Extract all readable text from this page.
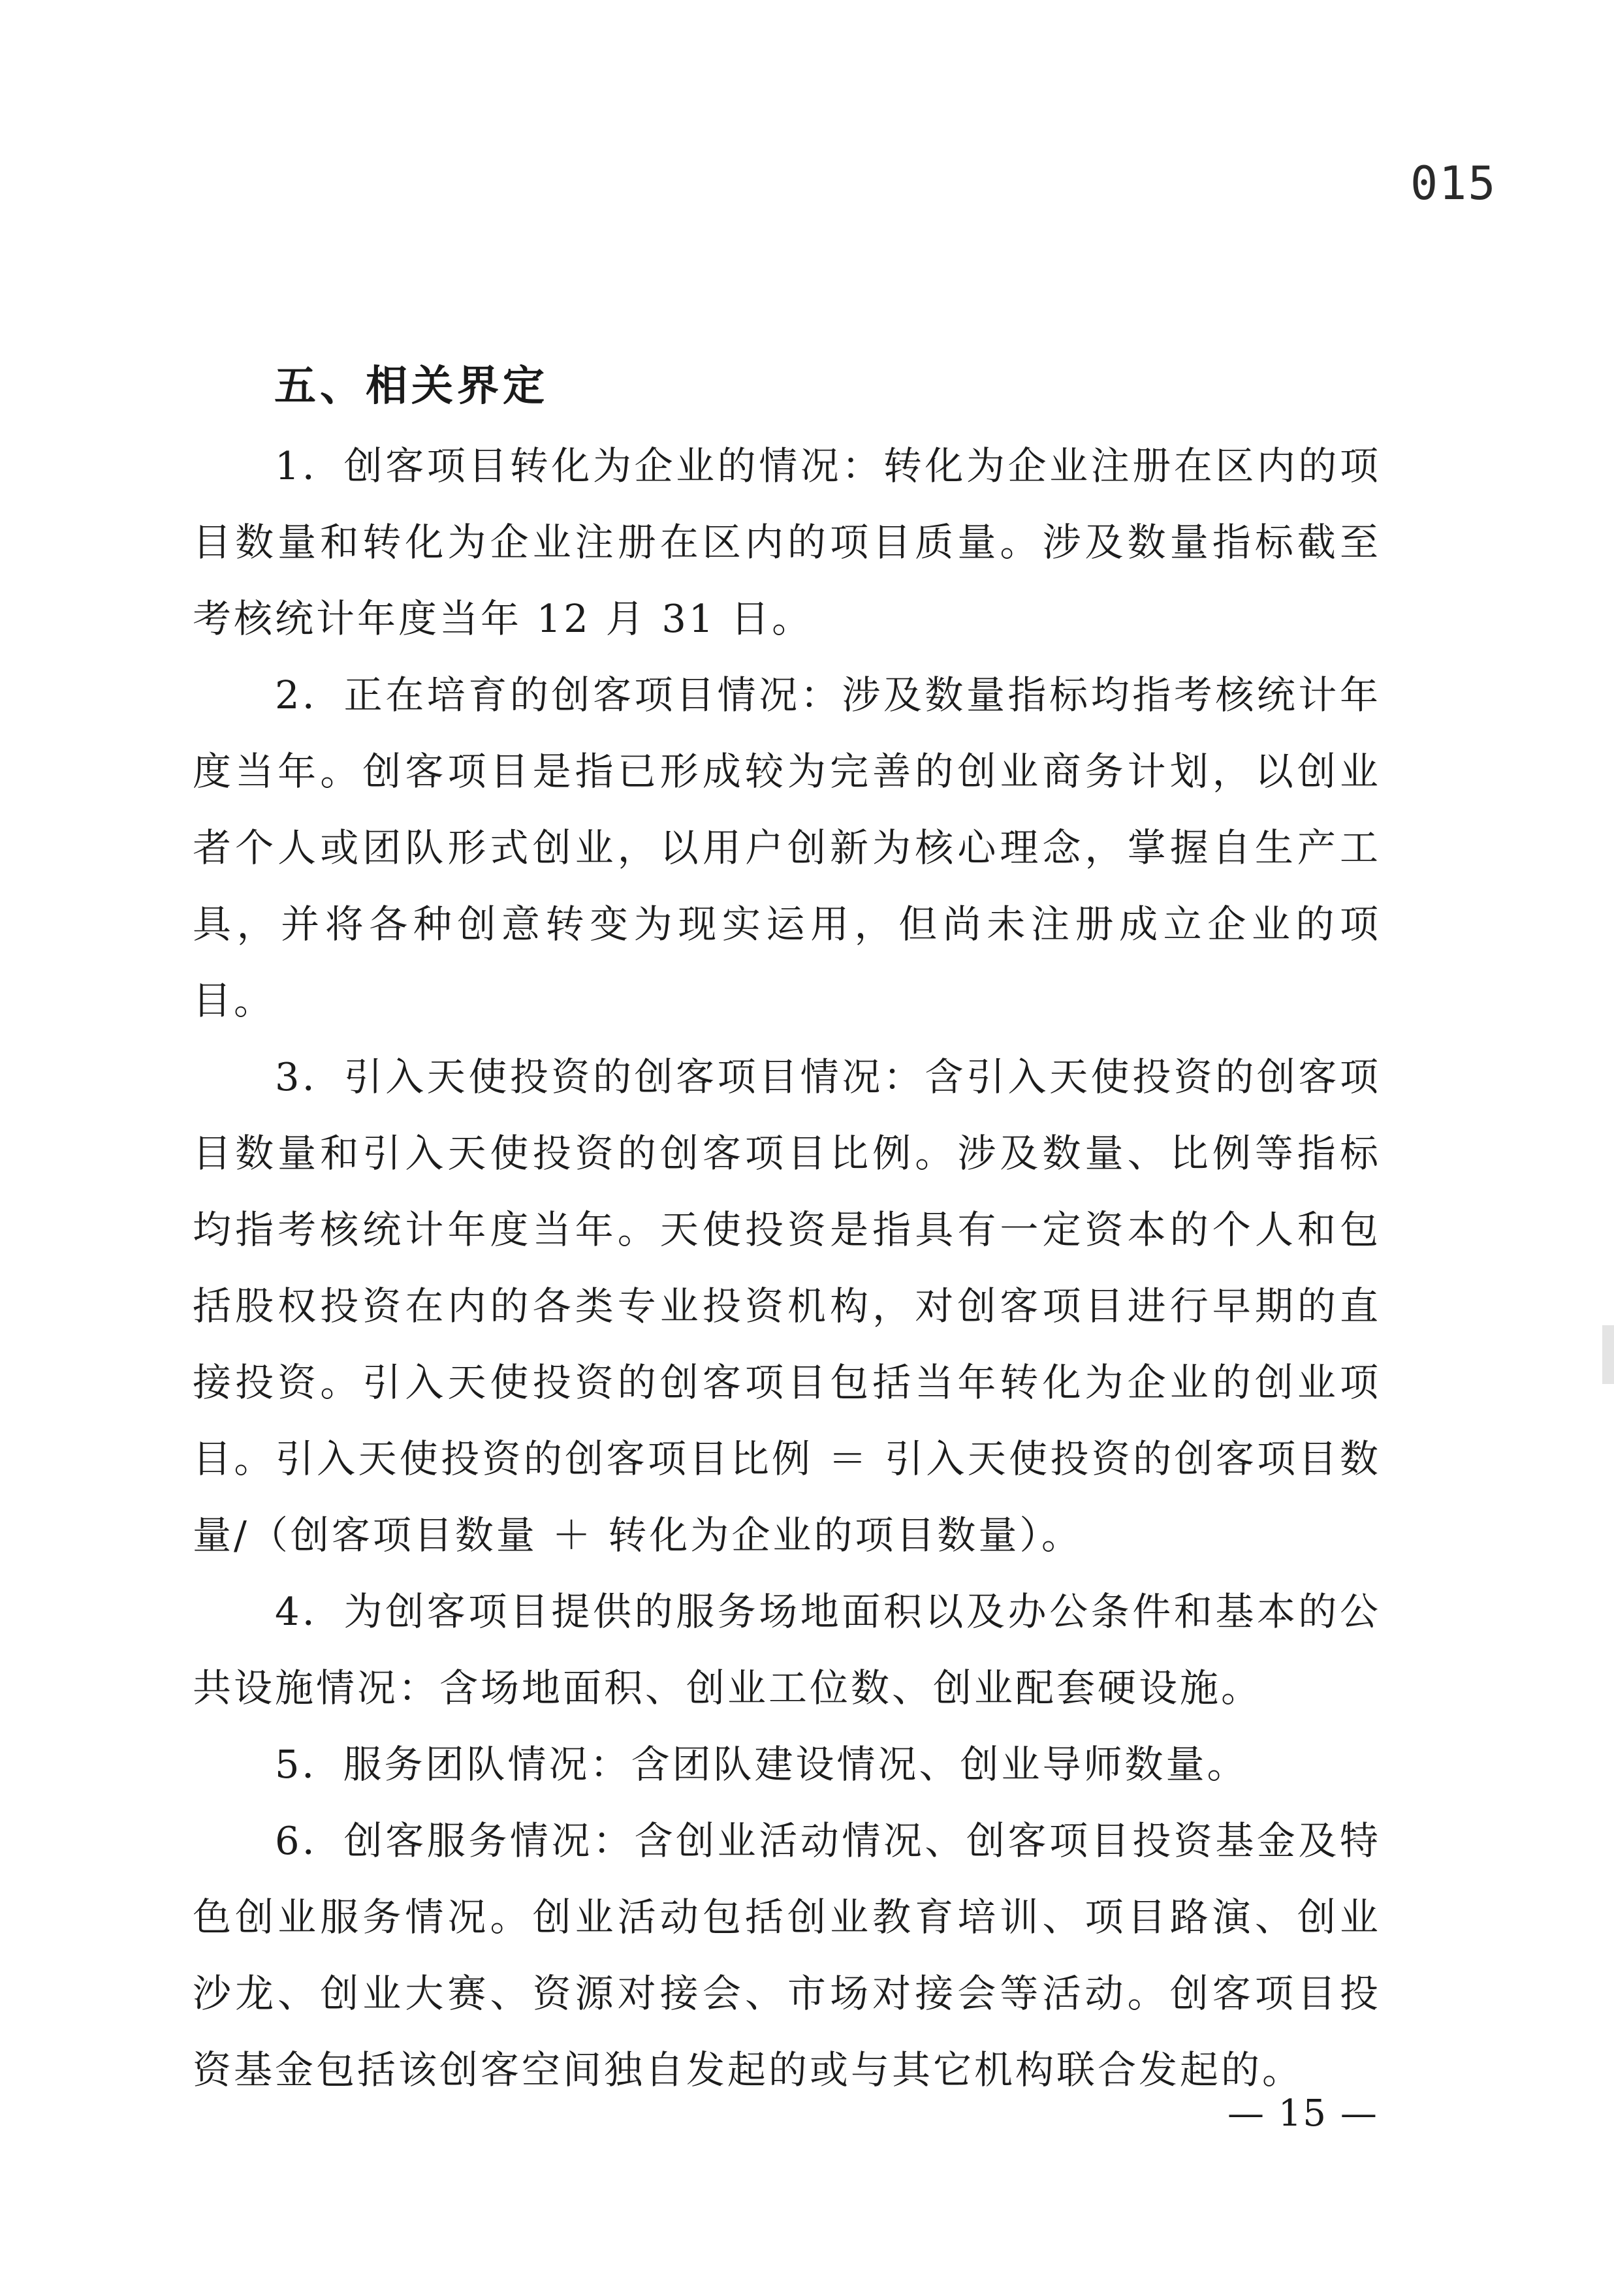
015
五、相关界定

1．创客项目转化为企业的情况：转化为企业注册在区内的项目数量和转化为企业注册在区内的项目质量。涉及数量指标截至考核统计年度当年 12 月 31 日。

2．正在培育的创客项目情况：涉及数量指标均指考核统计年度当年。创客项目是指已形成较为完善的创业商务计划，以创业者个人或团队形式创业，以用户创新为核心理念，掌握自生产工具，并将各种创意转变为现实运用，但尚未注册成立企业的项目。

3．引入天使投资的创客项目情况：含引入天使投资的创客项目数量和引入天使投资的创客项目比例。涉及数量、比例等指标均指考核统计年度当年。天使投资是指具有一定资本的个人和包括股权投资在内的各类专业投资机构，对创客项目进行早期的直接投资。引入天使投资的创客项目包括当年转化为企业的创业项目。引入天使投资的创客项目比例 ＝ 引入天使投资的创客项目数量/（创客项目数量 ＋ 转化为企业的项目数量）。

4．为创客项目提供的服务场地面积以及办公条件和基本的公共设施情况：含场地面积、创业工位数、创业配套硬设施。

5．服务团队情况：含团队建设情况、创业导师数量。

6．创客服务情况：含创业活动情况、创客项目投资基金及特色创业服务情况。创业活动包括创业教育培训、项目路演、创业沙龙、创业大赛、资源对接会、市场对接会等活动。创客项目投资基金包括该创客空间独自发起的或与其它机构联合发起的。

— 15 —
